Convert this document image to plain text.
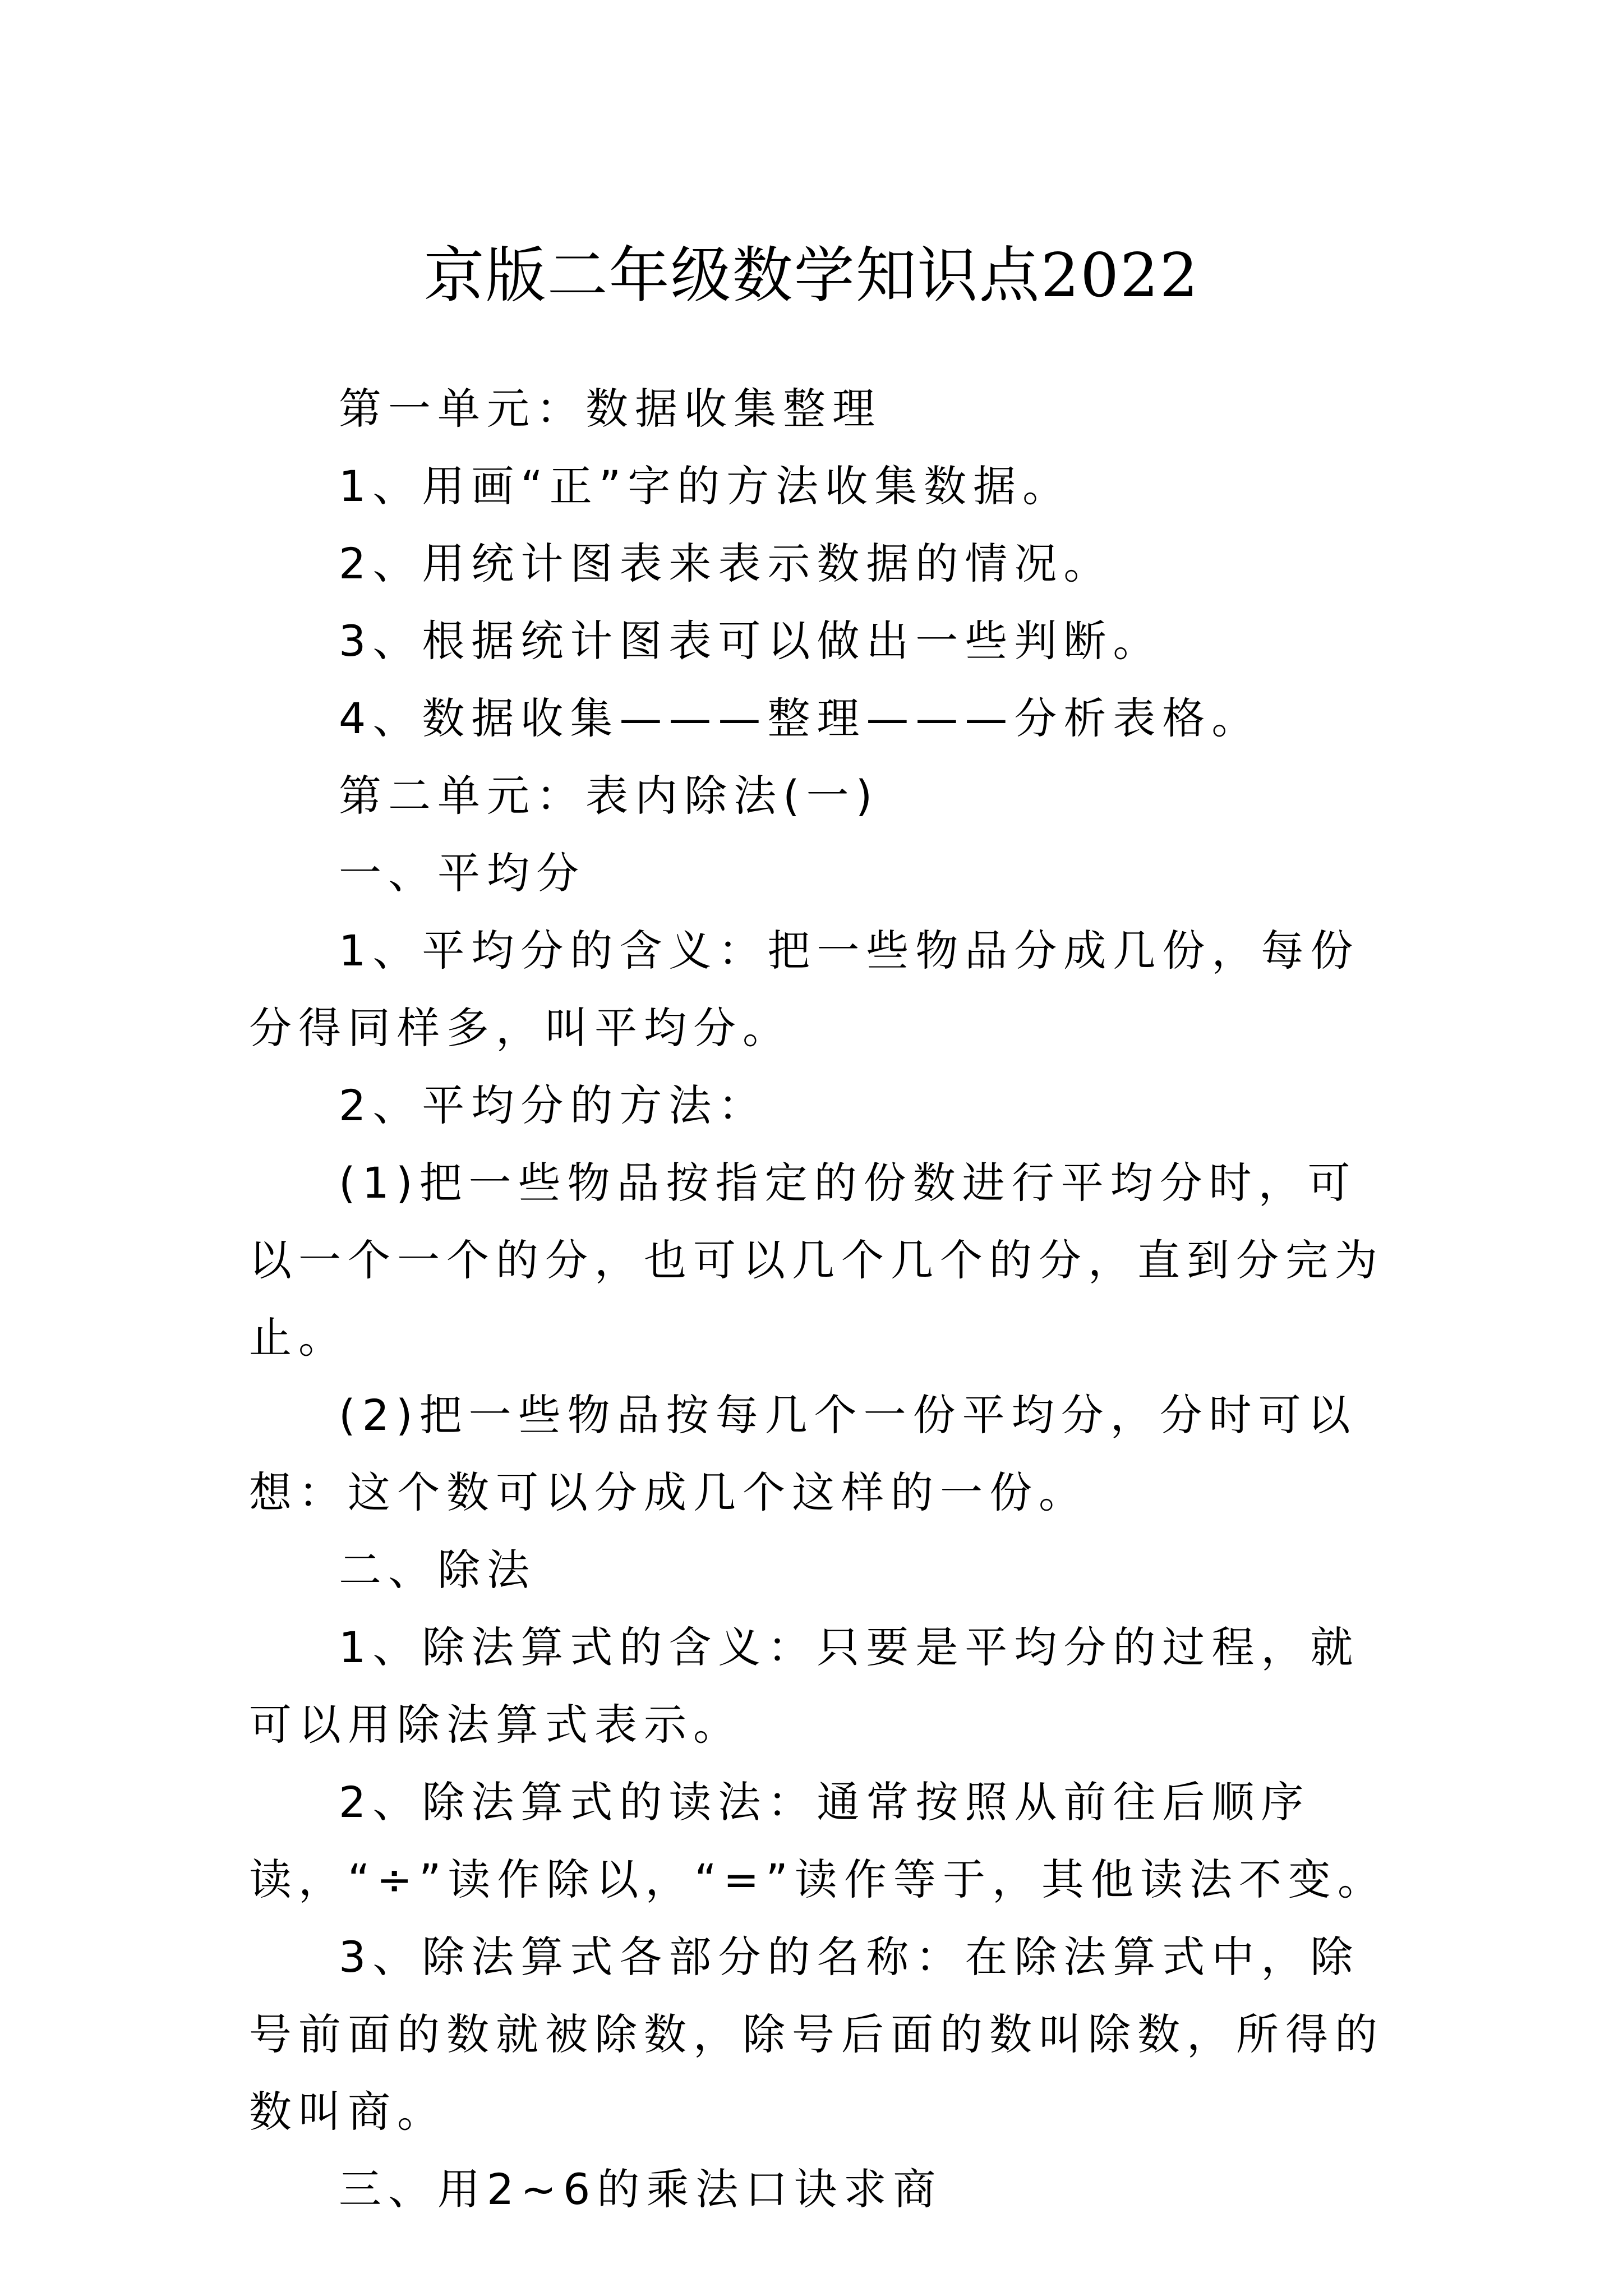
京版二年级数学知识点2022

第一单元：数据收集整理

1、用画“正”字的方法收集数据。

2、用统计图表来表示数据的情况。

3、根据统计图表可以做出一些判断。

4、数据收集———整理———分析表格。

第二单元：表内除法(一)

一、平均分

1、平均分的含义：把一些物品分成几份，每份分得同样多，叫平均分。

2、平均分的方法：

(1)把一些物品按指定的份数进行平均分时，可以一个一个的分，也可以几个几个的分，直到分完为止。

(2)把一些物品按每几个一份平均分，分时可以想：这个数可以分成几个这样的一份。

二、除法

1、除法算式的含义：只要是平均分的过程，就可以用除法算式表示。

2、除法算式的读法：通常按照从前往后顺序读，“÷”读作除以，“=”读作等于，其他读法不变。

3、除法算式各部分的名称：在除法算式中，除号前面的数就被除数，除号后面的数叫除数，所得的数叫商。

三、用2~6的乘法口诀求商
